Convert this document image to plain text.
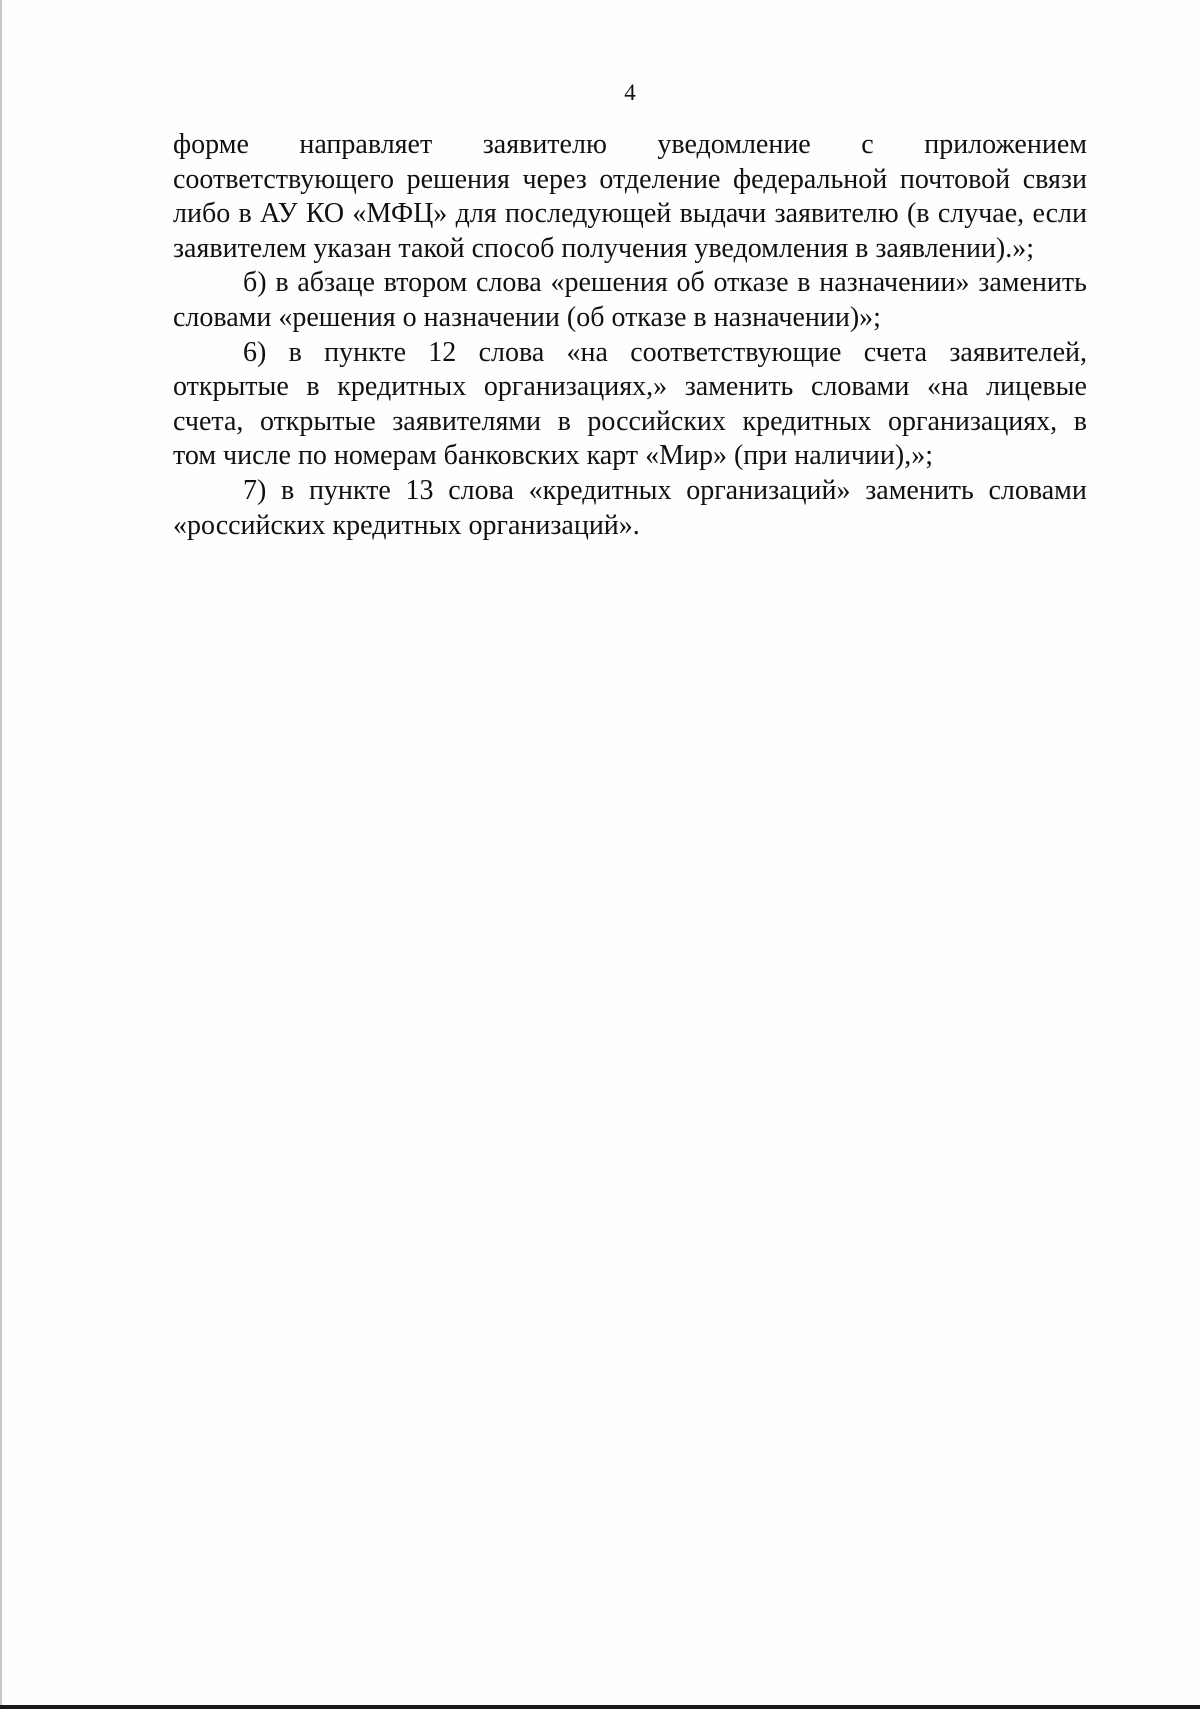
4

форме направляет заявителю уведомление с приложением
соответствующего решения через отделение федеральной почтовой связи
либо в АУ КО «МФЦ» для последующей выдачи заявителю (в случае, если
заявителем указан такой способ получения уведомления в заявлении).»;

б) в абзаце втором слова «решения об отказе в назначении» заменить
словами «решения о назначении (об отказе в назначении)»;

6) в пункте 12 слова «на соответствующие счета заявителей,
открытые в кредитных организациях,» заменить словами «на лицевые
счета, открытые заявителями в российских кредитных организациях, в
том числе по номерам банковских карт «Мир» (при наличии),»;

7) в пункте 13 слова «кредитных организаций» заменить словами
«российских кредитных организаций».
